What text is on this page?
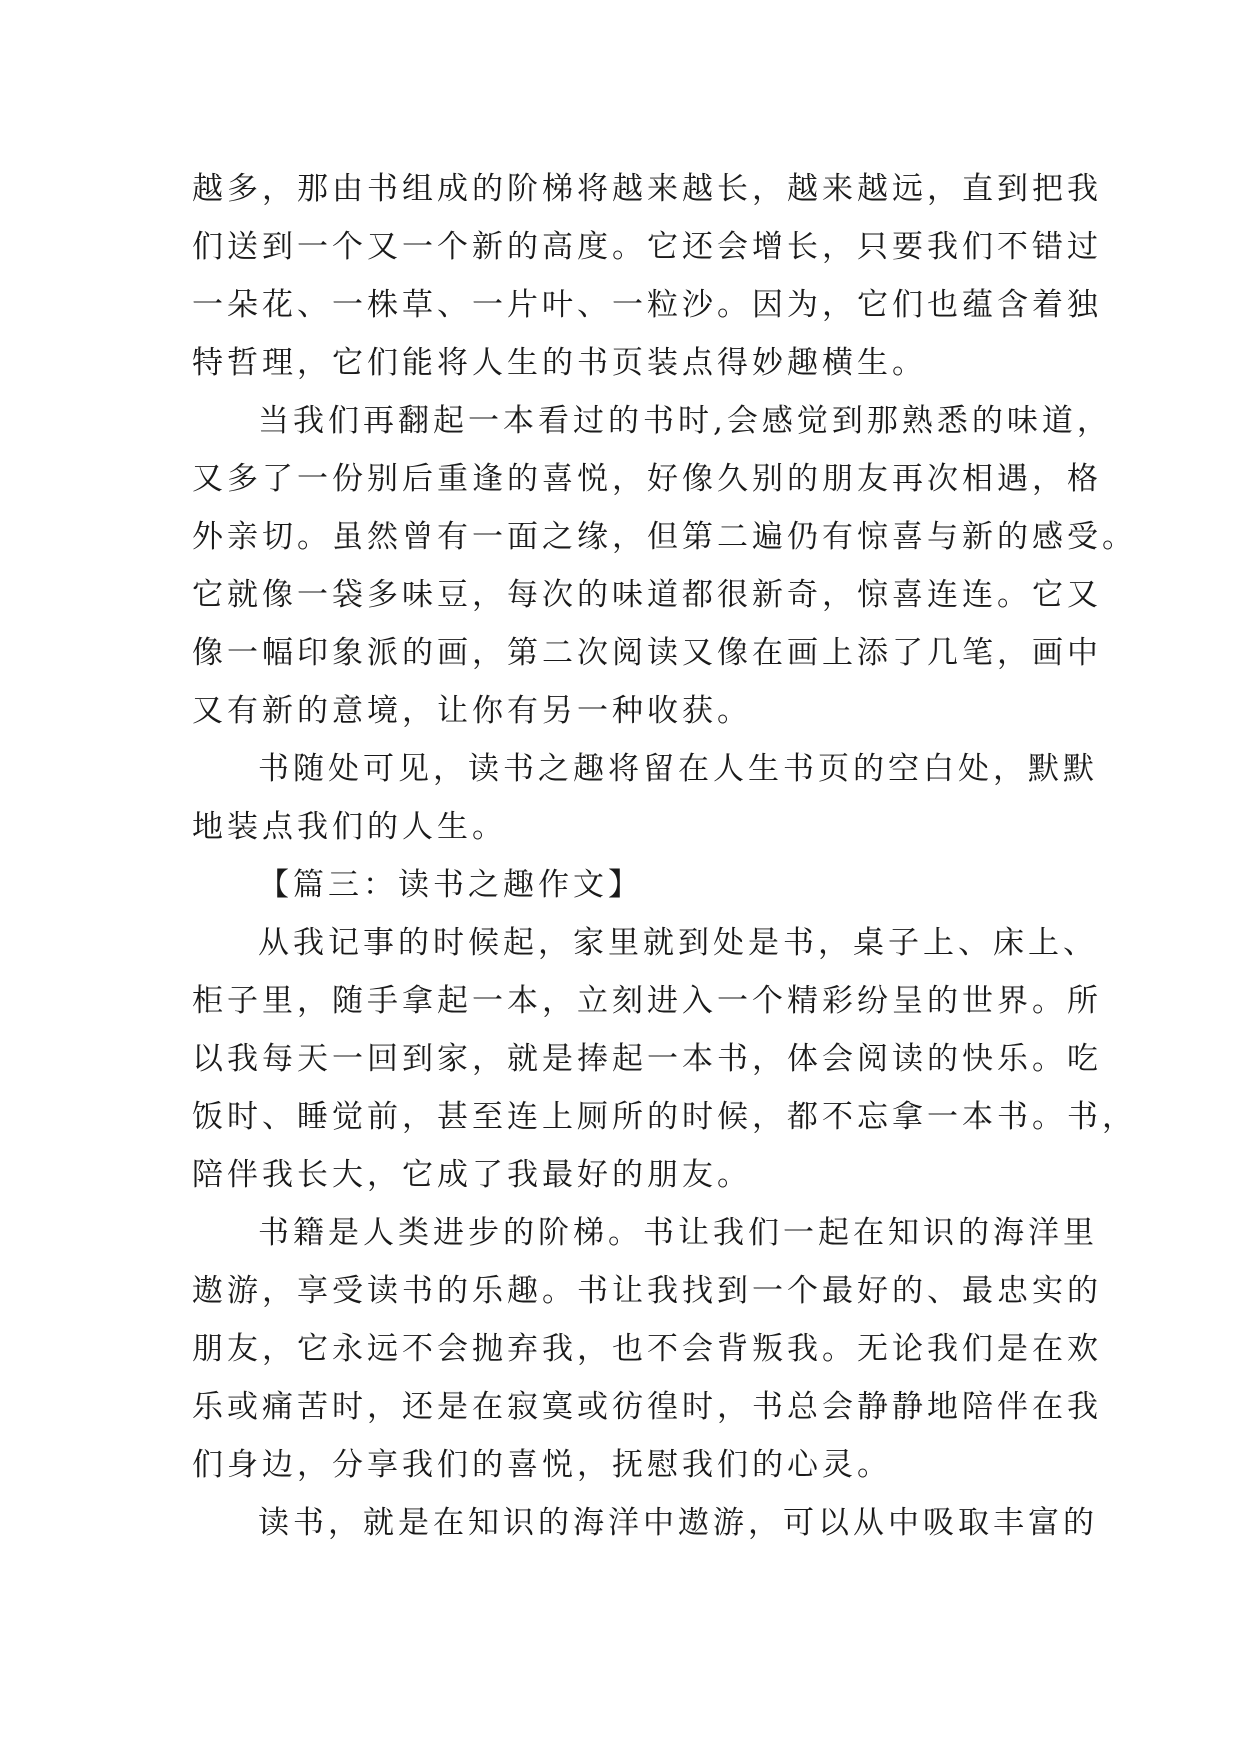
越多，那由书组成的阶梯将越来越长，越来越远，直到把我
们送到一个又一个新的高度。它还会增长，只要我们不错过
一朵花、一株草、一片叶、一粒沙。因为，它们也蕴含着独
特哲理，它们能将人生的书页装点得妙趣横生。
当我们再翻起一本看过的书时,会感觉到那熟悉的味道，
又多了一份别后重逢的喜悦，好像久别的朋友再次相遇，格
外亲切。虽然曾有一面之缘，但第二遍仍有惊喜与新的感受。
它就像一袋多味豆，每次的味道都很新奇，惊喜连连。它又
像一幅印象派的画，第二次阅读又像在画上添了几笔，画中
又有新的意境，让你有另一种收获。
书随处可见，读书之趣将留在人生书页的空白处，默默
地装点我们的人生。
【篇三：读书之趣作文】
从我记事的时候起，家里就到处是书，桌子上、床上、
柜子里，随手拿起一本，立刻进入一个精彩纷呈的世界。所
以我每天一回到家，就是捧起一本书，体会阅读的快乐。吃
饭时、睡觉前，甚至连上厕所的时候，都不忘拿一本书。书，
陪伴我长大，它成了我最好的朋友。
书籍是人类进步的阶梯。书让我们一起在知识的海洋里
遨游，享受读书的乐趣。书让我找到一个最好的、最忠实的
朋友，它永远不会抛弃我，也不会背叛我。无论我们是在欢
乐或痛苦时，还是在寂寞或彷徨时，书总会静静地陪伴在我
们身边，分享我们的喜悦，抚慰我们的心灵。
读书，就是在知识的海洋中遨游，可以从中吸取丰富的
